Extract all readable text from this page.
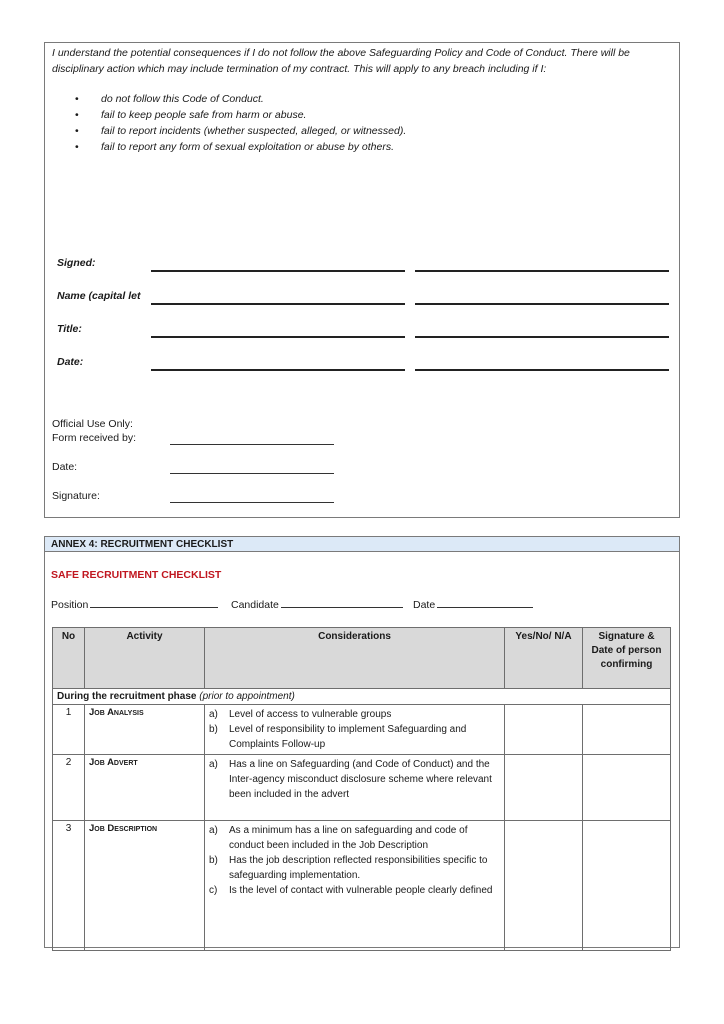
I understand the potential consequences if I do not follow the above Safeguarding Policy and Code of Conduct. There will be disciplinary action which may include termination of my contract. This will apply to any breach including if I:

• do not follow this Code of Conduct.
• fail to keep people safe from harm or abuse.
• fail to report incidents (whether suspected, alleged, or witnessed).
• fail to report any form of sexual exploitation or abuse by others.
Signed:
Name (capital let
Title:
Date:
Official Use Only:
Form received by:
Date:
Signature:
ANNEX 4: RECRUITMENT CHECKLIST
SAFE RECRUITMENT CHECKLIST
Position	Candidate	Date
No	Activity	Considerations	Yes/No/ N/A	Signature & Date of person confirming
During the recruitment phase (prior to appointment)				
1	Job Analysis	a) Level of access to vulnerable groups
b) Level of responsibility to implement Safeguarding and Complaints Follow-up

2	Job Advert	a) Has a line on Safeguarding (and Code of Conduct) and the Inter-agency misconduct disclosure scheme where relevant been included in the advert

3	Job Description	a) As a minimum has a line on safeguarding and code of conduct been included in the Job Description
b) Has the job description reflected responsibilities specific to safeguarding implementation.
c) Is the level of contact with vulnerable people clearly defined
